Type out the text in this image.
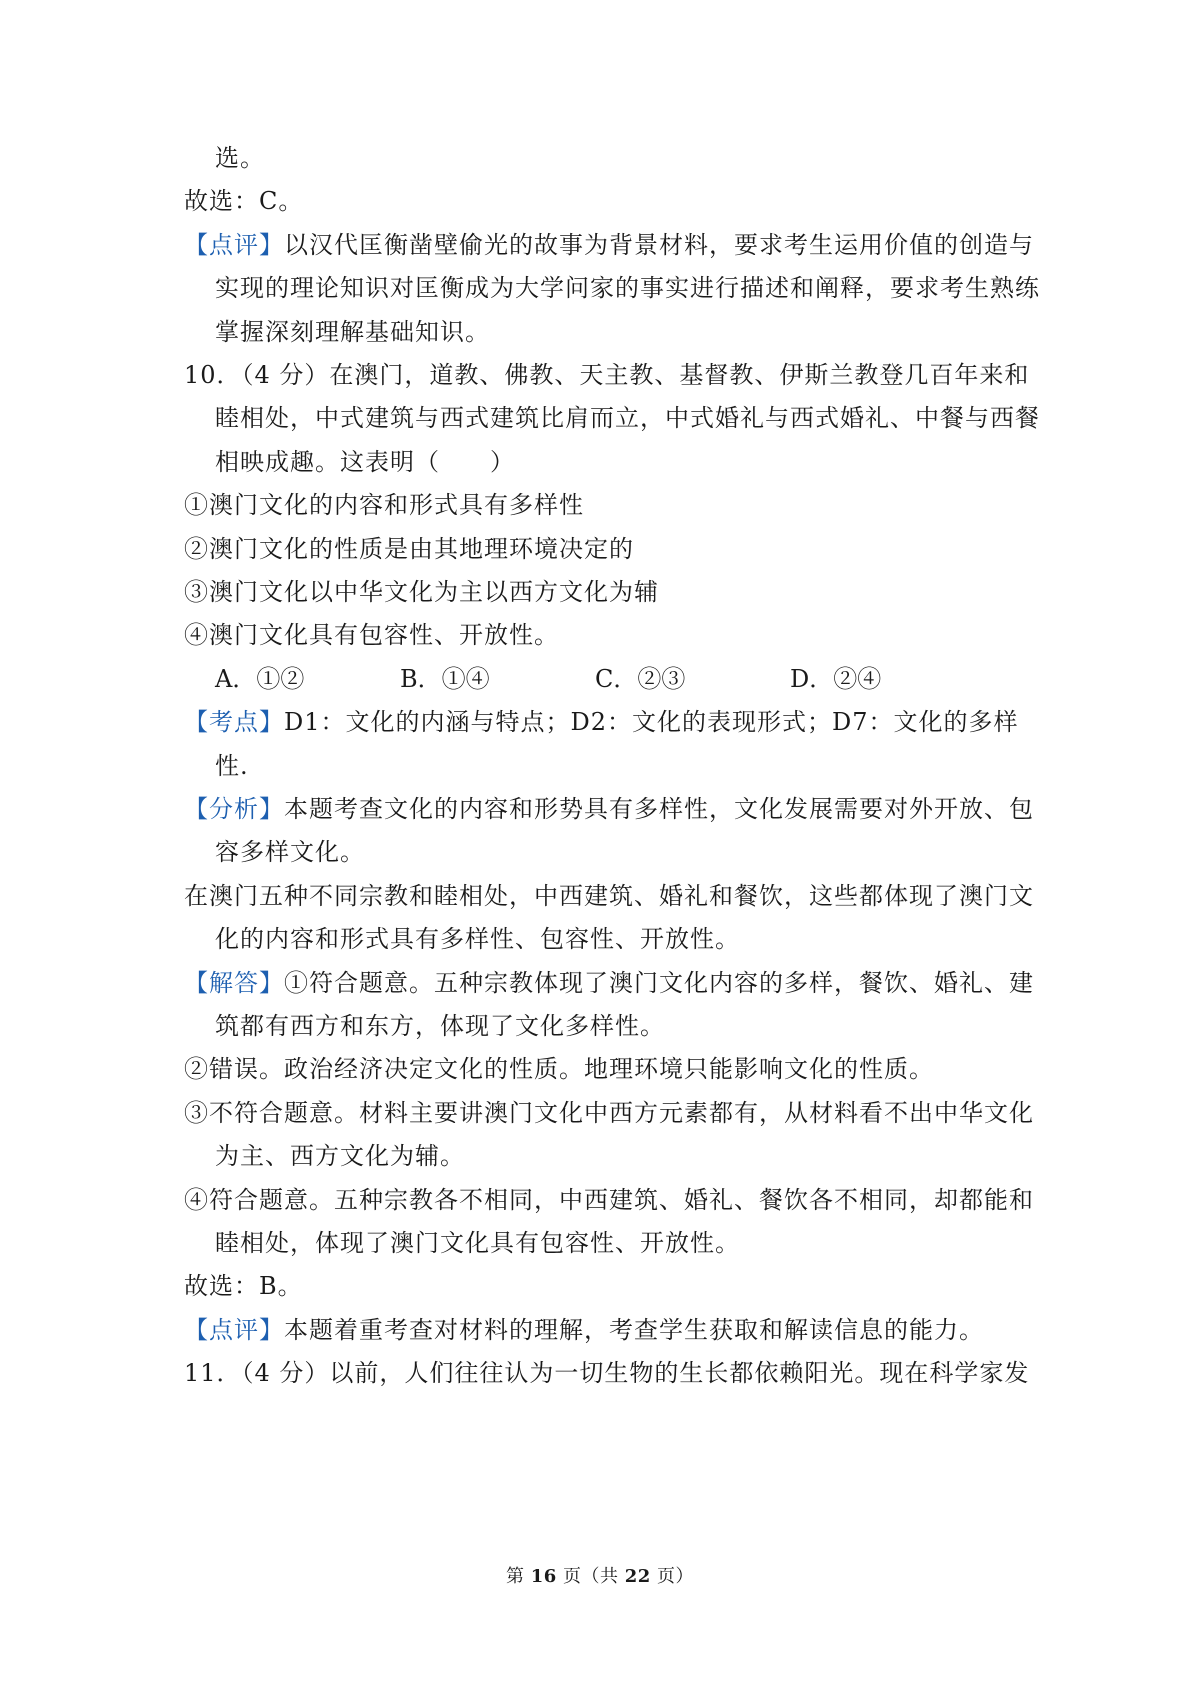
选。
故选：C。
【点评】以汉代匡衡凿壁偷光的故事为背景材料，要求考生运用价值的创造与
实现的理论知识对匡衡成为大学问家的事实进行描述和阐释，要求考生熟练
掌握深刻理解基础知识。
10．（4 分）在澳门，道教、佛教、天主教、基督教、伊斯兰教登几百年来和
睦相处，中式建筑与西式建筑比肩而立，中式婚礼与西式婚礼、中餐与西餐
相映成趣。这表明（　　）
①澳门文化的内容和形式具有多样性
②澳门文化的性质是由其地理环境决定的
③澳门文化以中华文化为主以西方文化为辅
④澳门文化具有包容性、开放性。
A．①②	B．①④	C．②③	D．②④
【考点】D1：文化的内涵与特点；D2：文化的表现形式；D7：文化的多样
性.
【分析】本题考查文化的内容和形势具有多样性，文化发展需要对外开放、包
容多样文化。
在澳门五种不同宗教和睦相处，中西建筑、婚礼和餐饮，这些都体现了澳门文
化的内容和形式具有多样性、包容性、开放性。
【解答】①符合题意。五种宗教体现了澳门文化内容的多样，餐饮、婚礼、建
筑都有西方和东方，体现了文化多样性。
②错误。政治经济决定文化的性质。地理环境只能影响文化的性质。
③不符合题意。材料主要讲澳门文化中西方元素都有，从材料看不出中华文化
为主、西方文化为辅。
④符合题意。五种宗教各不相同，中西建筑、婚礼、餐饮各不相同，却都能和
睦相处，体现了澳门文化具有包容性、开放性。
故选：B。
【点评】本题着重考查对材料的理解，考查学生获取和解读信息的能力。
11．（4 分）以前，人们往往认为一切生物的生长都依赖阳光。现在科学家发
第 16 页（共 22 页）
